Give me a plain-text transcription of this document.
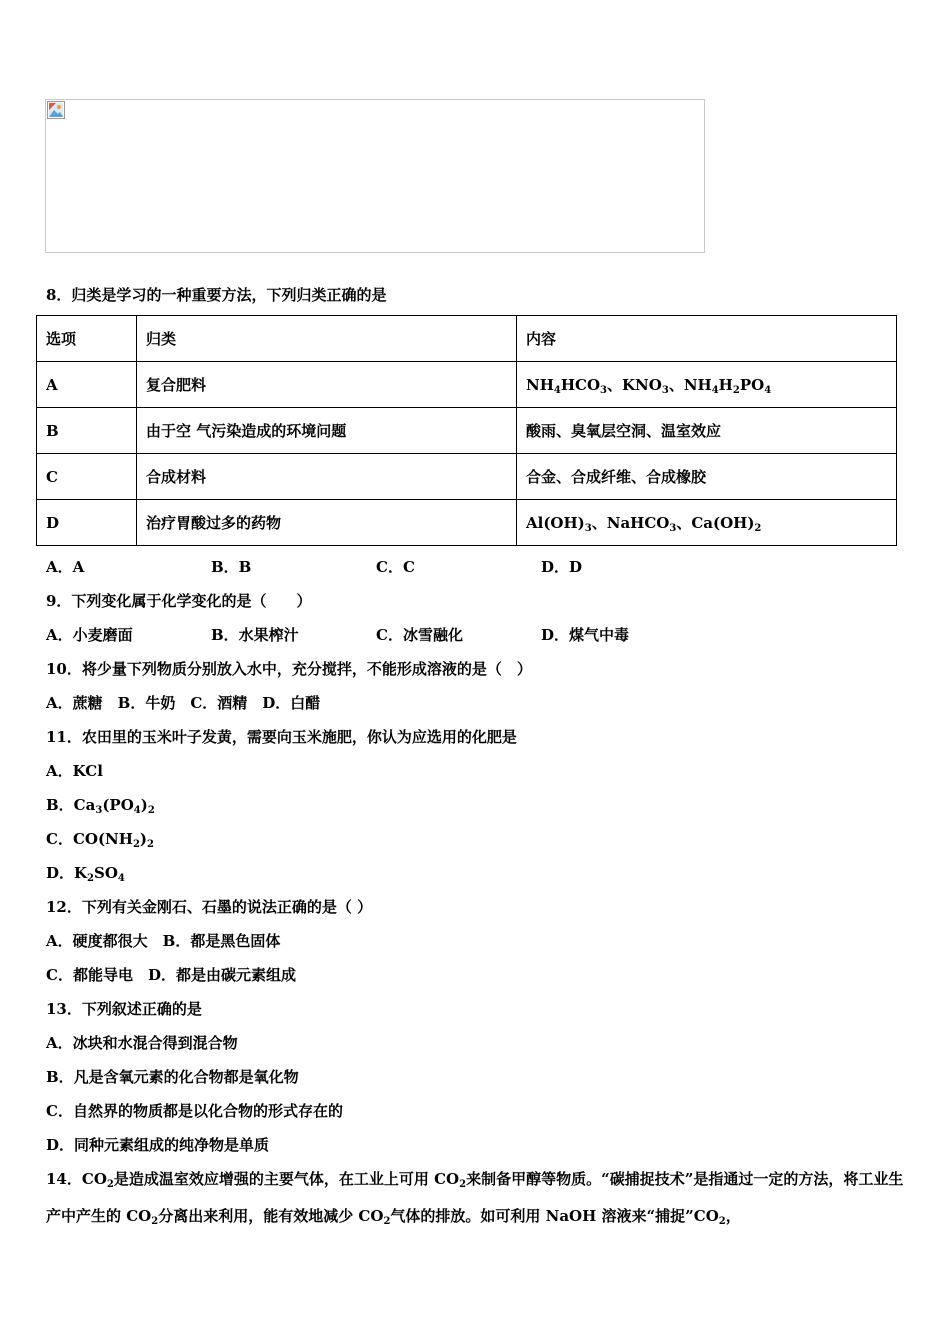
8．归类是学习的一种重要方法，下列归类正确的是
选项	归类	内容
A	复合肥料	$NH_4HCO_3$、$KNO_3$、$NH_4H_2PO_4$
B	由于空 气污染造成的环境问题	酸雨、臭氧层空洞、温室效应
C	合成材料	合金、合成纤维、合成橡胶
D	治疗胃酸过多的药物	$Al(OH)_3$、NaHCO$_3$、$Ca(OH)_2$
A．A	B．B	C．C	D．D
9．下列变化属于化学变化的是（　　）
A．小麦磨面	B．水果榨汁	C．冰雪融化	D．煤气中毒
10．将少量下列物质分别放入水中，充分搅拌，不能形成溶液的是（　）
A．蔗糖　B．牛奶　C．酒精　D．白醋
11．农田里的玉米叶子发黄，需要向玉米施肥，你认为应选用的化肥是
A．KCl
B．$Ca_3(PO_4)_2$
C．$CO(NH_2)_2$
D．$K_2SO_4$
12．下列有关金刚石、石墨的说法正确的是（ ）
A．硬度都很大　B．都是黑色固体
C．都能导电　D．都是由碳元素组成
13．下列叙述正确的是
A．冰块和水混合得到混合物
B．凡是含氧元素的化合物都是氧化物
C．自然界的物质都是以化合物的形式存在的
D．同种元素组成的纯净物是单质
14．$CO_2$是造成温室效应增强的主要气体，在工业上可用 $CO_2$来制备甲醇等物质。“碳捕捉技术”是指通过一定的方法，将工业生产中产生的 $CO_2$分离出来利用，能有效地减少 $CO_2$气体的排放。如可利用 NaOH 溶液来“捕捉$”CO_2$，
